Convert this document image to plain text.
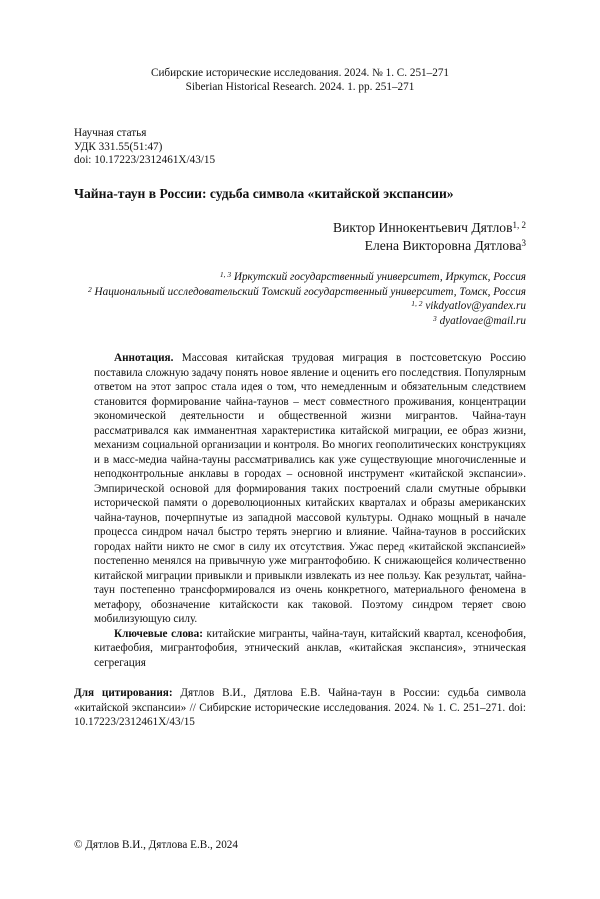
Сибирские исторические исследования. 2024. № 1. С. 251–271
Siberian Historical Research. 2024. 1. pp. 251–271
Научная статья
УДК 331.55(51:47)
doi: 10.17223/2312461X/43/15
Чайна-таун в России: судьба символа «китайской экспансии»
Виктор Иннокентьевич Дятлов$^{1, 2}$
Елена Викторовна Дятлова$^3$
$^{1, 3}$ Иркутский государственный университет, Иркутск, Россия
$^2$ Национальный исследовательский Томский государственный университет, Томск, Россия
$^{1, 2}$ vikdyatlov@yandex.ru
$^3$ dyatlovae@mail.ru

Аннотация. Массовая китайская трудовая миграция в постсоветскую Россию поставила сложную задачу понять новое явление и оценить его последствия. Популярным ответом на этот запрос стала идея о том, что немедленным и обязательным следствием становится формирование чайна-таунов – мест совместного проживания, концентрации экономической деятельности и общественной жизни мигрантов. Чайна-таун рассматривался как имманентная характеристика китайской миграции, ее образ жизни, механизм социальной организации и контроля. Во многих геополитических конструкциях и в масс-медиа чайна-тауны рассматривались как уже существующие многочисленные и неподконтрольные анклавы в городах – основной инструмент «китайской экспансии». Эмпирической основой для формирования таких построений слали смутные обрывки исторической памяти о дореволюционных китайских кварталах и образы американских чайна-таунов, почерпнутые из западной массовой культуры. Однако мощный в начале процесса синдром начал быстро терять энергию и влияние. Чайна-таунов в российских городах найти никто не смог в силу их отсутствия. Ужас перед «китайской экспансией» постепенно менялся на привычную уже мигрантофобию. К снижающейся количественно китайской миграции привыкли и привыкли извлекать из нее пользу. Как результат, чайна-таун постепенно трансформировался из очень конкретного, материального феномена в метафору, обозначение китайскости как таковой. Поэтому синдром теряет свою мобилизующую силу.

Ключевые слова: китайские мигранты, чайна-таун, китайский квартал, ксенофобия, китаефобия, мигрантофобия, этнический анклав, «китайская экспансия», этническая сегрегация

Для цитирования: Дятлов В.И., Дятлова Е.В. Чайна-таун в России: судьба символа «китайской экспансии» // Сибирские исторические исследования. 2024. № 1. С. 251–271. doi: 10.17223/2312461X/43/15
© Дятлов В.И., Дятлова Е.В., 2024
